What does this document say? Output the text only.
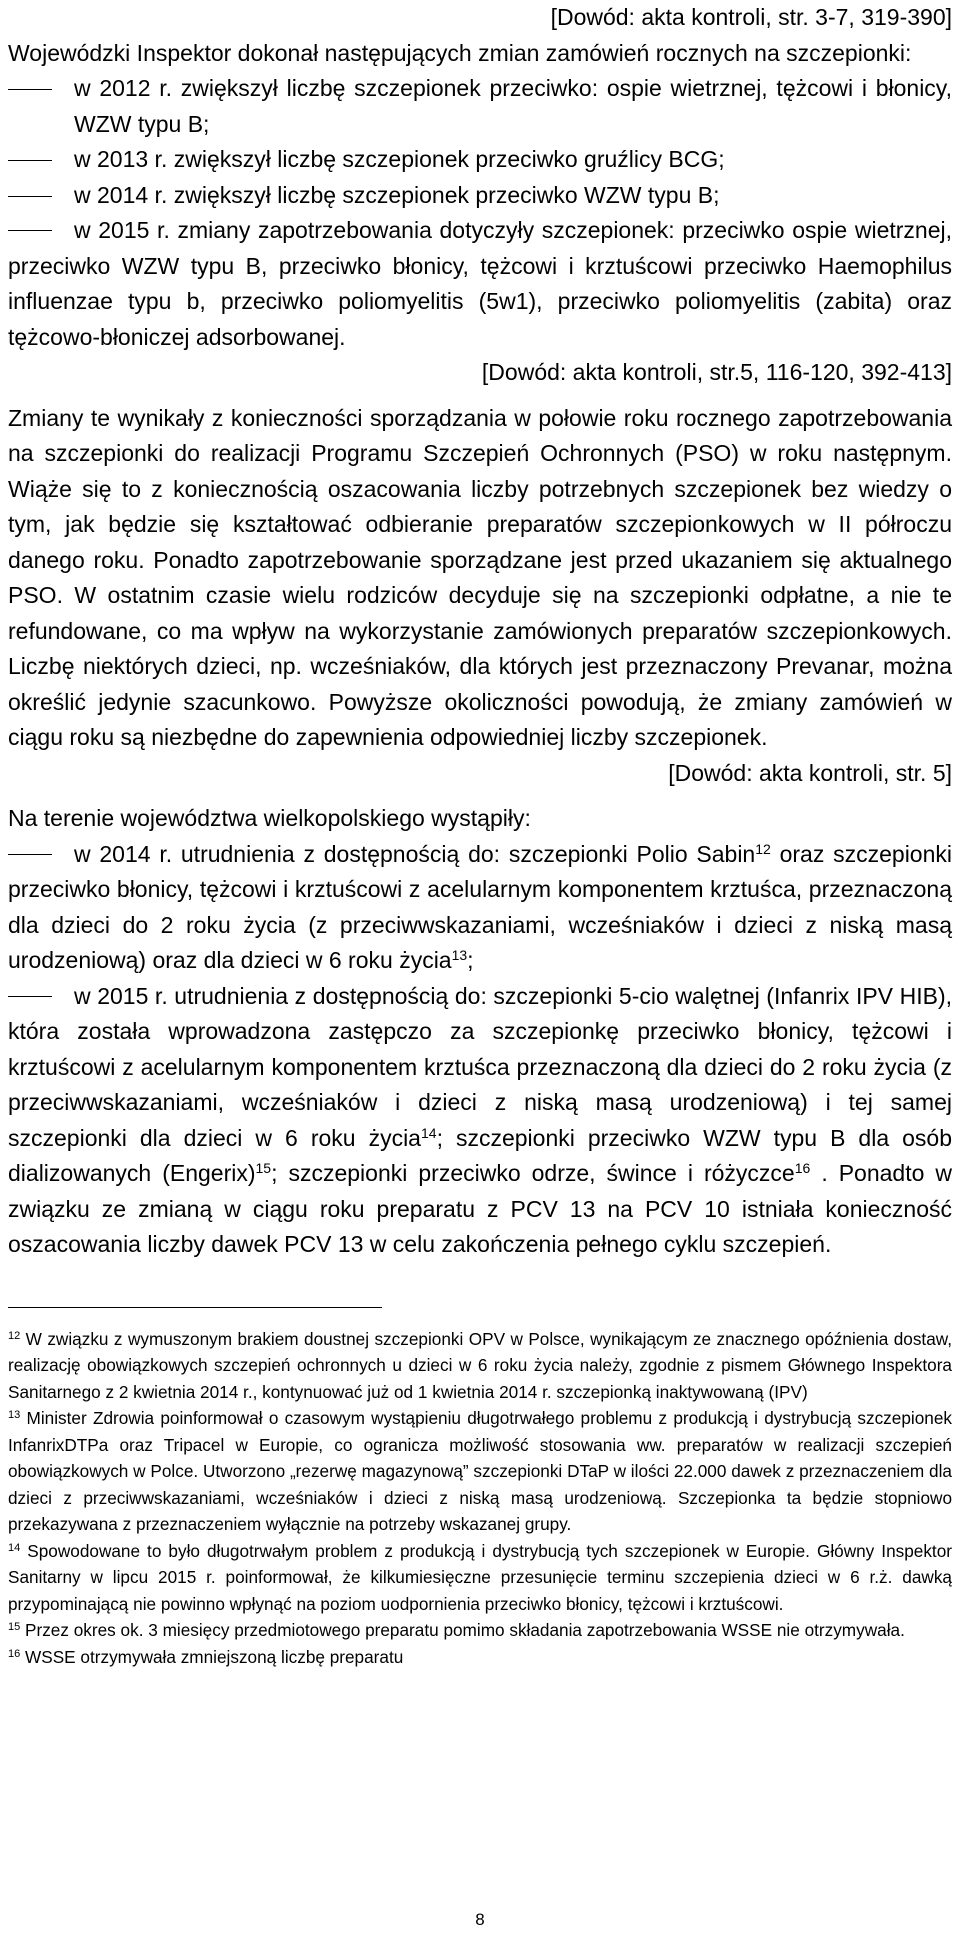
[Dowód: akta kontroli, str. 3-7, 319-390]
Wojewódzki Inspektor dokonał następujących zmian zamówień rocznych na szczepionki:
w 2012 r. zwiększył liczbę szczepionek przeciwko: ospie wietrznej, tężcowi i błonicy, WZW typu B;
w 2013 r. zwiększył liczbę szczepionek przeciwko gruźlicy BCG;
w 2014 r. zwiększył liczbę szczepionek przeciwko WZW typu B;
w 2015 r. zmiany zapotrzebowania dotyczyły szczepionek: przeciwko ospie wietrznej, przeciwko WZW typu B, przeciwko błonicy, tężcowi i krztuścowi przeciwko Haemophilus influenzae typu b, przeciwko poliomyelitis (5w1), przeciwko poliomyelitis (zabita) oraz tężcowo-błoniczej adsorbowanej.
[Dowód: akta kontroli, str.5, 116-120, 392-413]
Zmiany te wynikały z konieczności sporządzania w połowie roku rocznego zapotrzebowania na szczepionki do realizacji Programu Szczepień Ochronnych (PSO) w roku następnym. Wiąże się to z koniecznością oszacowania liczby potrzebnych szczepionek bez wiedzy o tym, jak będzie się kształtować odbieranie preparatów szczepionkowych w II półroczu danego roku. Ponadto zapotrzebowanie sporządzane jest przed ukazaniem się aktualnego PSO. W ostatnim czasie wielu rodziców decyduje się na szczepionki odpłatne, a nie te refundowane, co ma wpływ na wykorzystanie zamówionych preparatów szczepionkowych. Liczbę niektórych dzieci, np. wcześniaków, dla których jest przeznaczony Prevanar, można określić jedynie szacunkowo. Powyższe okoliczności powodują, że zmiany zamówień w ciągu roku są niezbędne do zapewnienia odpowiedniej liczby szczepionek.
[Dowód: akta kontroli, str. 5]
Na terenie województwa wielkopolskiego wystąpiły:
w 2014 r. utrudnienia z dostępnością do: szczepionki Polio Sabin$^{12}$ oraz szczepionki przeciwko błonicy, tężcowi i krztuścowi z acelularnym komponentem krztuśca, przeznaczoną dla dzieci do 2 roku życia (z przeciwwskazaniami, wcześniaków i dzieci z niską masą urodzeniową) oraz dla dzieci w 6 roku życia$^{13}$;
w 2015 r. utrudnienia z dostępnością do: szczepionki 5-cio walętnej (Infanrix IPV HIB), która została wprowadzona zastępczo za szczepionkę przeciwko błonicy, tężcowi i krztuścowi z acelularnym komponentem krztuśca przeznaczoną dla dzieci do 2 roku życia (z przeciwwskazaniami, wcześniaków i dzieci z niską masą urodzeniową) i tej samej szczepionki dla dzieci w 6 roku życia$^{14}$; szczepionki przeciwko WZW typu B dla osób dializowanych (Engerix)$^{15}$; szczepionki przeciwko odrze, śwince i różyczce$^{16}$ . Ponadto w związku ze zmianą w ciągu roku preparatu z PCV 13 na PCV 10 istniała konieczność oszacowania liczby dawek PCV 13 w celu zakończenia pełnego cyklu szczepień.
$^{12}$ W związku z wymuszonym brakiem doustnej szczepionki OPV w Polsce, wynikającym ze znacznego opóźnienia dostaw, realizację obowiązkowych szczepień ochronnych u dzieci w 6 roku życia należy, zgodnie z pismem Głównego Inspektora Sanitarnego z 2 kwietnia 2014 r., kontynuować już od 1 kwietnia 2014 r. szczepionką inaktywowaną (IPV)
$^{13}$ Minister Zdrowia poinformował o czasowym wystąpieniu długotrwałego problemu z produkcją i dystrybucją szczepionek InfanrixDTPa oraz Tripacel w Europie, co ogranicza możliwość stosowania ww. preparatów w realizacji szczepień obowiązkowych w Polce. Utworzono „rezerwę magazynową” szczepionki DTaP w ilości 22.000 dawek z przeznaczeniem dla dzieci z przeciwwskazaniami, wcześniaków i dzieci z niską masą urodzeniową. Szczepionka ta będzie stopniowo przekazywana z przeznaczeniem wyłącznie na potrzeby wskazanej grupy.
$^{14}$ Spowodowane to było długotrwałym problem z produkcją i dystrybucją tych szczepionek w Europie. Główny Inspektor Sanitarny w lipcu 2015 r. poinformował, że kilkumiesięczne przesunięcie terminu szczepienia dzieci w 6 r.ż. dawką przypominającą nie powinno wpłynąć na poziom uodpornienia przeciwko błonicy, tężcowi i krztuścowi.
$^{15}$ Przez okres ok. 3 miesięcy przedmiotowego preparatu pomimo składania zapotrzebowania WSSE nie otrzymywała.
$^{16}$ WSSE otrzymywała zmniejszoną liczbę preparatu
8
